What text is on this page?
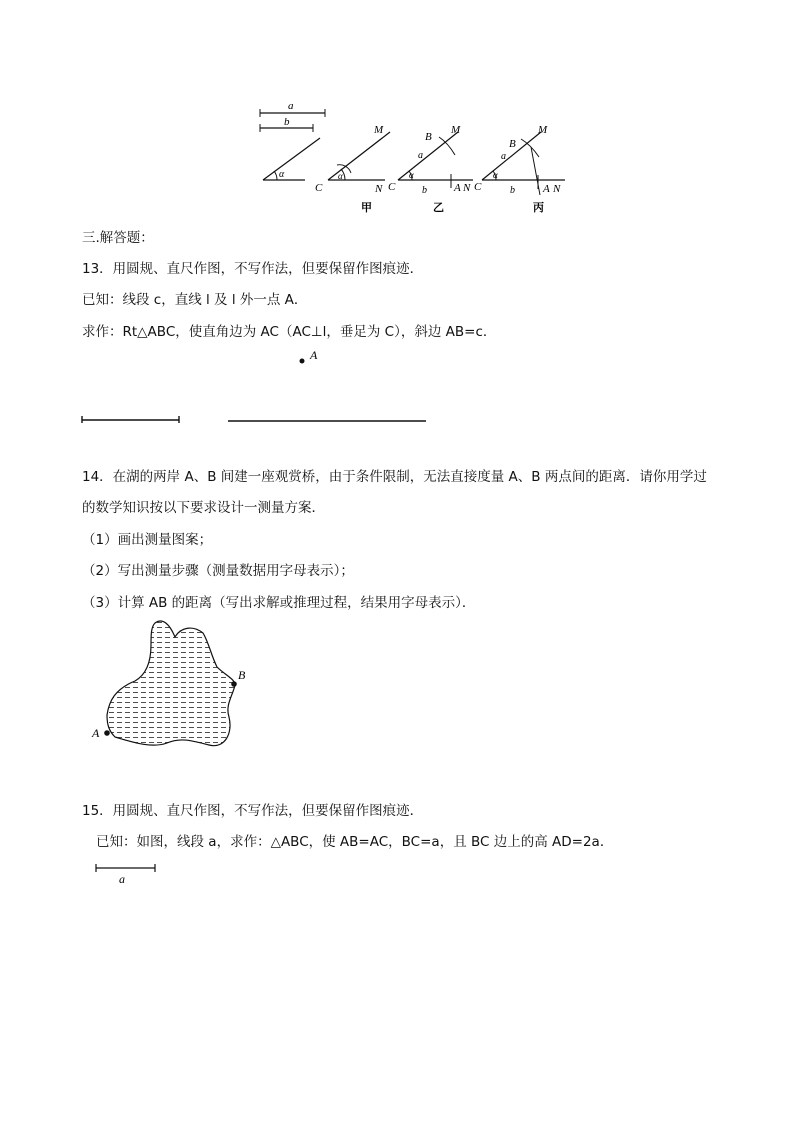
a
b
α	α
C
M
N
甲
α
C
B
M
a
b A N
乙
α
C
B
M
a
b	A N
丙
三.解答题：
13．用圆规、直尺作图，不写作法，但要保留作图痕迹．
已知：线段 c，直线 l 及 l 外一点 A．
求作：Rt△ABC，使直角边为 AC（AC⊥l，垂足为 C），斜边 AB=c．
A
14．在湖的两岸 A、B 间建一座观赏桥，由于条件限制，无法直接度量 A、B 两点间的距离．请你用学过
的数学知识按以下要求设计一测量方案．
（1）画出测量图案；
（2）写出测量步骤（测量数据用字母表示）；
（3）计算 AB 的距离（写出求解或推理过程，结果用字母表示）．
B
A
15．用圆规、直尺作图，不写作法，但要保留作图痕迹．
已知：如图，线段 a，求作：△ABC，使 AB=AC，BC=a，且 BC 边上的高 AD=2a．
a
